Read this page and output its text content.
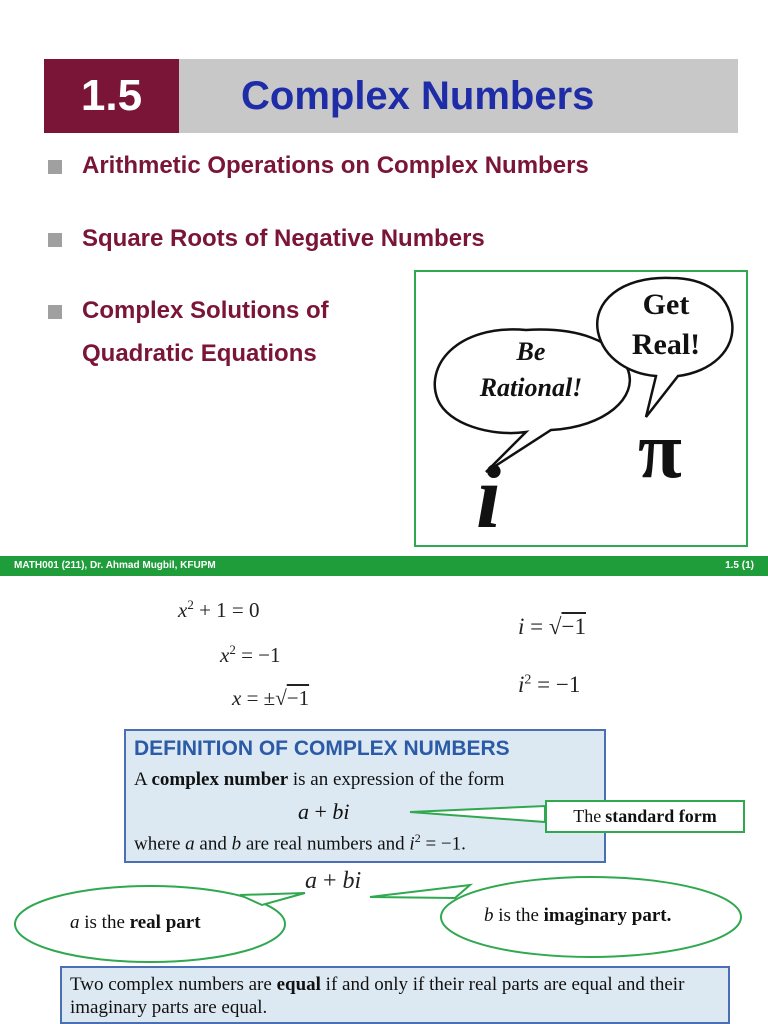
1.5	Complex Numbers
Arithmetic Operations on Complex Numbers
Square Roots of Negative Numbers
Complex Solutions of
Quadratic Equations	Be
Rational!
Get
Real!
i π
MATH001 (211), Dr. Ahmad Mugbil, KFUPM	1.5 (1)
$x^2 + 1 = 0$
$x^2 = -1$
x = ±√−1
i = √−1
$i^2 = -1$
DEFINITION OF COMPLEX NUMBERS
A complex number is an expression of the form
a + bi
where a and b are real numbers and $i^2 = -1$.
The standard form
a + bi
a is the real part	b is the imaginary part.
Two complex numbers are equal if and only if their real parts are equal and their imaginary parts are equal.
